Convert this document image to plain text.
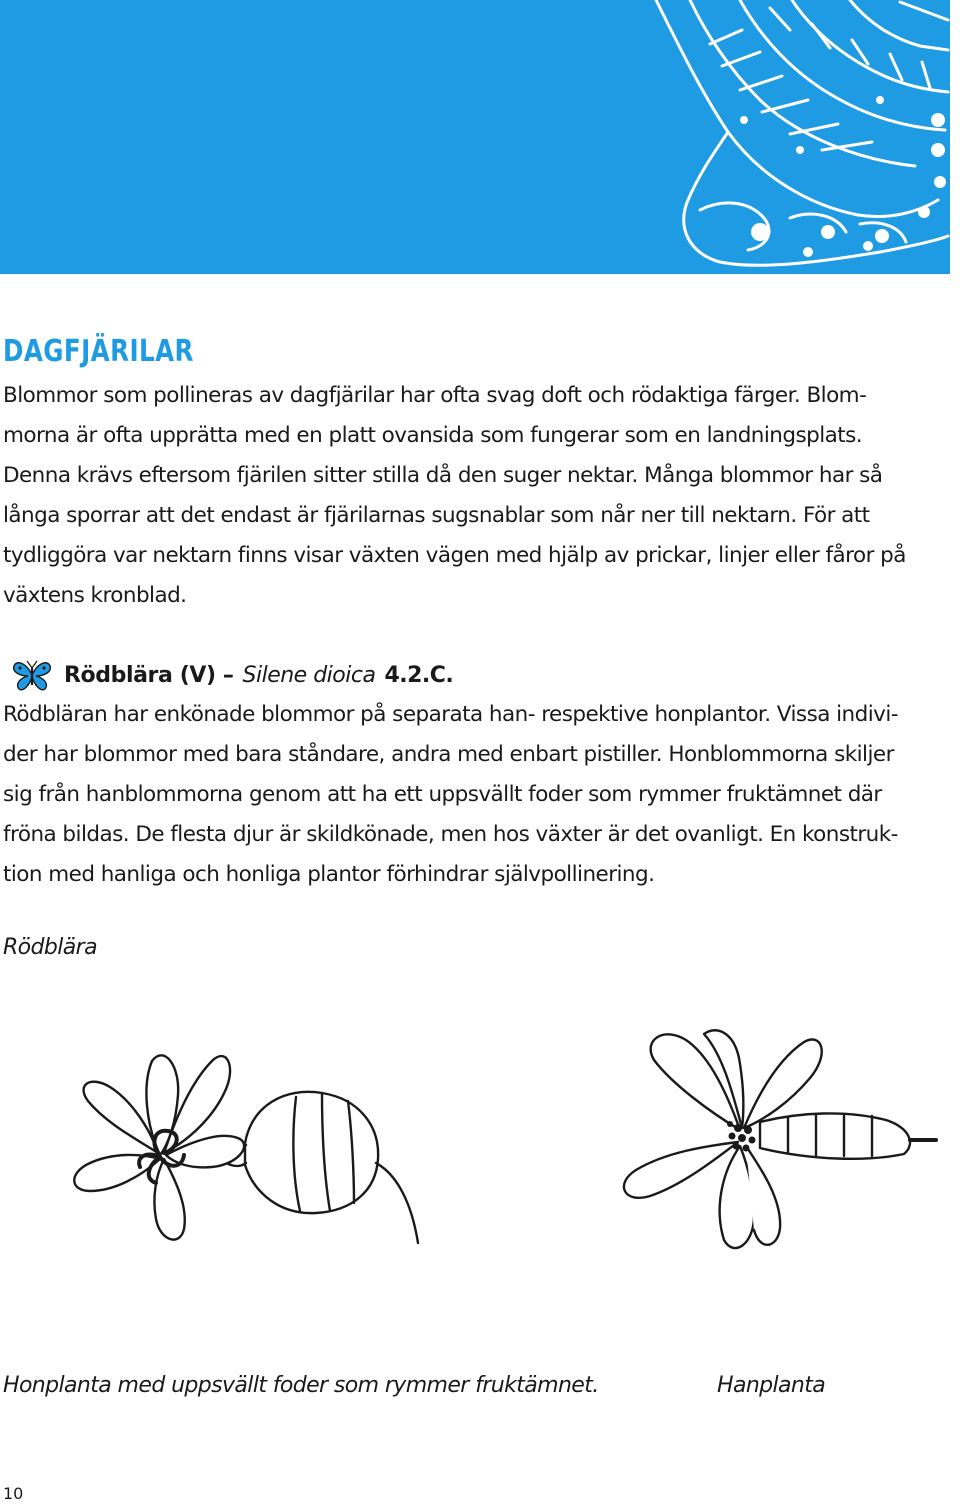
DAGFJÄRILAR

Blommor som pollineras av dagfjärilar har ofta svag doft och rödaktiga färger. Blom-
morna är ofta upprätta med en platt ovansida som fungerar som en landningsplats.
Denna krävs eftersom fjärilen sitter stilla då den suger nektar. Många blommor har så
långa sporrar att det endast är fjärilarnas sugsnablar som når ner till nektarn. För att
tydliggöra var nektarn finns visar växten vägen med hjälp av prickar, linjer eller fåror på
växtens kronblad.

Rödblära (V) – Silene dioica 4.2.C.

Rödbläran har enkönade blommor på separata han- respektive honplantor. Vissa indivi-
der har blommor med bara ståndare, andra med enbart pistiller. Honblommorna skiljer
sig från hanblommorna genom att ha ett uppsvällt foder som rymmer fruktämnet där
fröna bildas. De flesta djur är skildkönade, men hos växter är det ovanligt. En konstruk-
tion med hanliga och honliga plantor förhindrar självpollinering.

Rödblära

Honplanta med uppsvällt foder som rymmer fruktämnet.	Hanplanta

10
